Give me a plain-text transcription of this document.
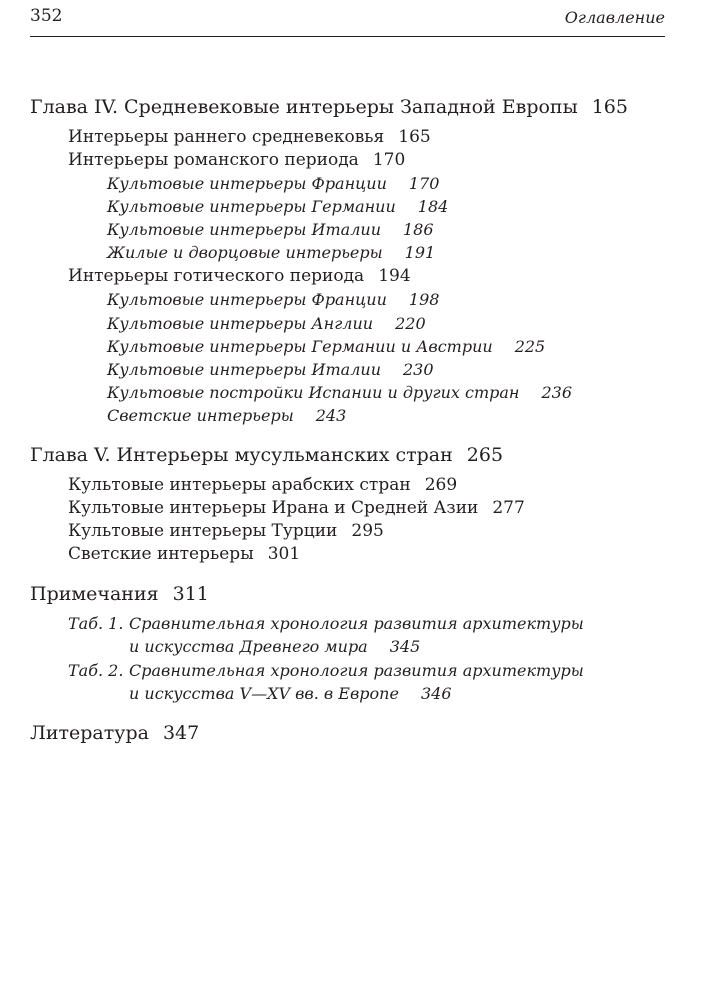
352	Оглавление
Глава IV. Средневековые интерьеры Западной Европы 165
Интерьеры раннего средневековья 165
Интерьеры романского периода 170
Культовые интерьеры Франции 170
Культовые интерьеры Германии 184
Культовые интерьеры Италии 186
Жилые и дворцовые интерьеры 191
Интерьеры готического периода 194
Культовые интерьеры Франции 198
Культовые интерьеры Англии 220
Культовые интерьеры Германии и Австрии 225
Культовые интерьеры Италии 230
Культовые постройки Испании и других стран 236
Светские интерьеры 243
Глава V. Интерьеры мусульманских стран 265
Культовые интерьеры арабских стран 269
Культовые интерьеры Ирана и Средней Азии 277
Культовые интерьеры Турции 295
Светские интерьеры 301
Примечания 311
Таб. 1. Сравнительная хронология развития архитектуры
и искусства Древнего мира 345
Таб. 2. Сравнительная хронология развития архитектуры
и искусства V—XV вв. в Европе 346
Литература 347
